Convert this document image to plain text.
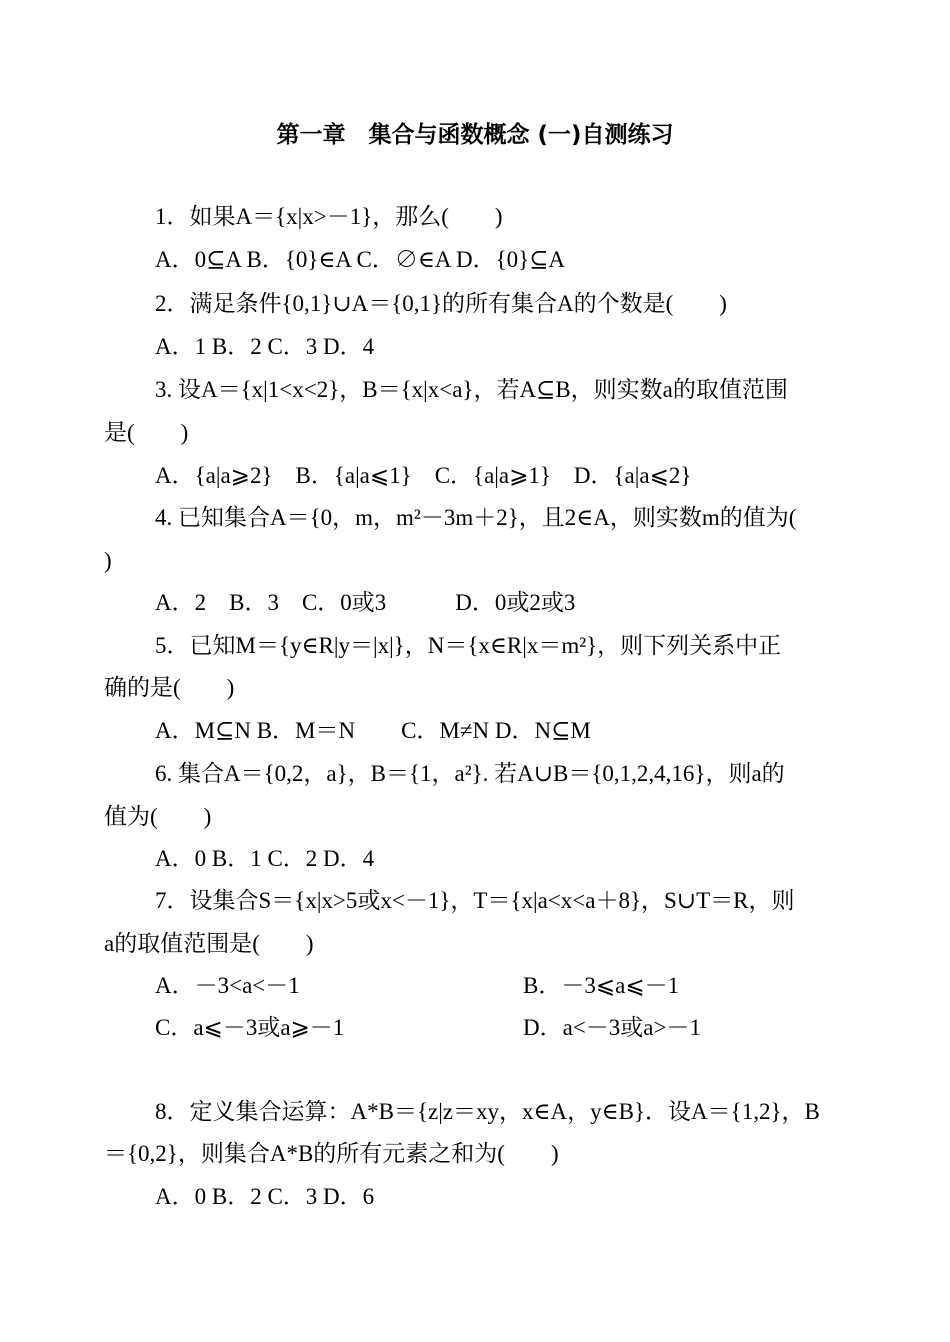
第一章　集合与函数概念 (一)自测练习
1．如果A＝{x|x>－1}，那么(　　)
A．0⊆A B．{0}∈A C．∅∈A D．{0}⊆A
2．满足条件{0,1}∪A＝{0,1}的所有集合A的个数是(　　)
A．1 B．2 C．3 D．4
3. 设A＝{x|1<x<2}，B＝{x|x<a}，若A⊆B，则实数a的取值范围
是(　　)
A．{a|a⩾2}　B．{a|a⩽1}　C．{a|a⩾1}　D．{a|a⩽2}
4. 已知集合A＝{0，m，m²－3m＋2}，且2∈A，则实数m的值为(
)
A．2　B．3　C．0或3　　　D．0或2或3
5．已知M＝{y∈R|y＝|x|}，N＝{x∈R|x＝m²}，则下列关系中正
确的是(　　)
A．M⊆N B．M＝N　　C．M≠N D．N⊆M
6. 集合A＝{0,2，a}，B＝{1，a²}. 若A∪B＝{0,1,2,4,16}，则a的
值为(　　)
A．0 B．1 C．2 D．4
7．设集合S＝{x|x>5或x<－1}，T＝{x|a<x<a＋8}，S∪T＝R，则
a的取值范围是(　　)
A．－3<a<－1	B．－3⩽a⩽－1
C．a⩽－3或a⩾－1	D．a<－3或a>－1
8．定义集合运算：A*B＝{z|z＝xy，x∈A，y∈B}．设A＝{1,2}，B
＝{0,2}，则集合A*B的所有元素之和为(　　)
A．0 B．2 C．3 D．6
